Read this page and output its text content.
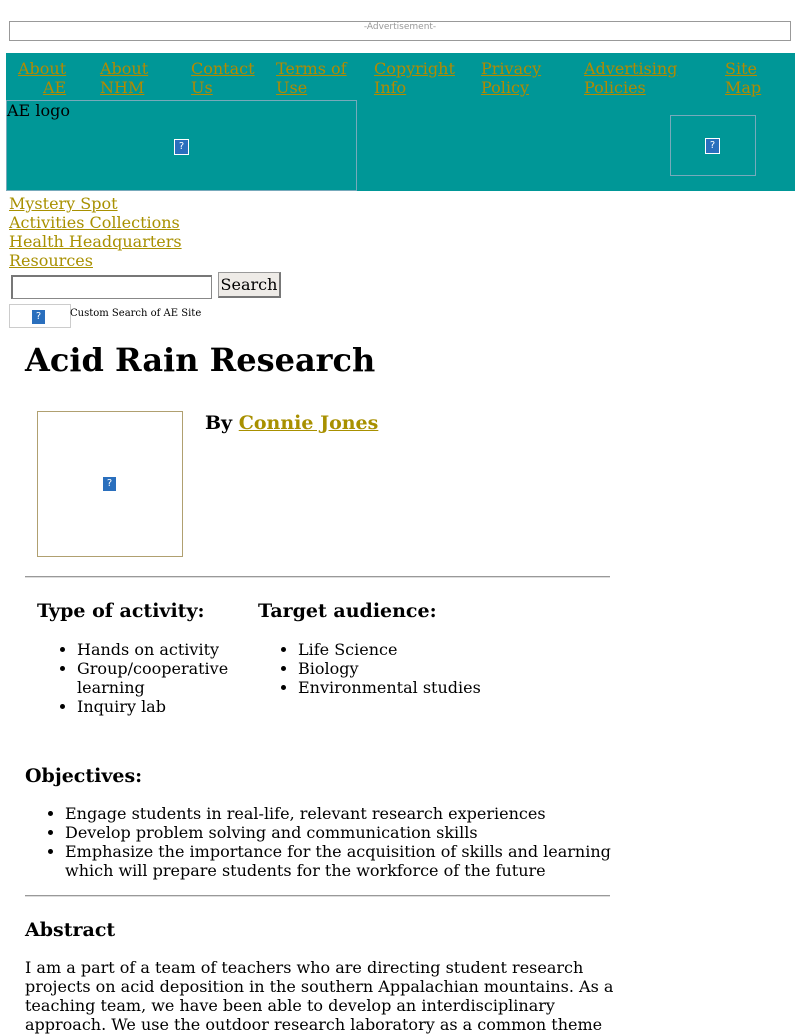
-Advertisement-
About
AE
About
NHM
Contact
Us
Terms of
Use
Copyright
Info
Privacy
Policy
Advertising
Policies
Site
Map
AE logo
?	?
Mystery Spot
Activities Collections
Health Headquarters
Resources
Search
?	Custom Search of AE Site
Acid Rain Research
?
By Connie Jones
Type of activity:
• Hands on activity
• Group/cooperative learning
• Inquiry lab
Target audience:
• Life Science
• Biology
• Environmental studies
Objectives:
• Engage students in real-life, relevant research experiences
• Develop problem solving and communication skills
• Emphasize the importance for the acquisition of skills and learning which will prepare students for the workforce of the future
Abstract
I am a part of a team of teachers who are directing student research projects on acid deposition in the southern Appalachian mountains. As a teaching team, we have been able to develop an interdisciplinary approach. We use the outdoor research laboratory as a common theme
